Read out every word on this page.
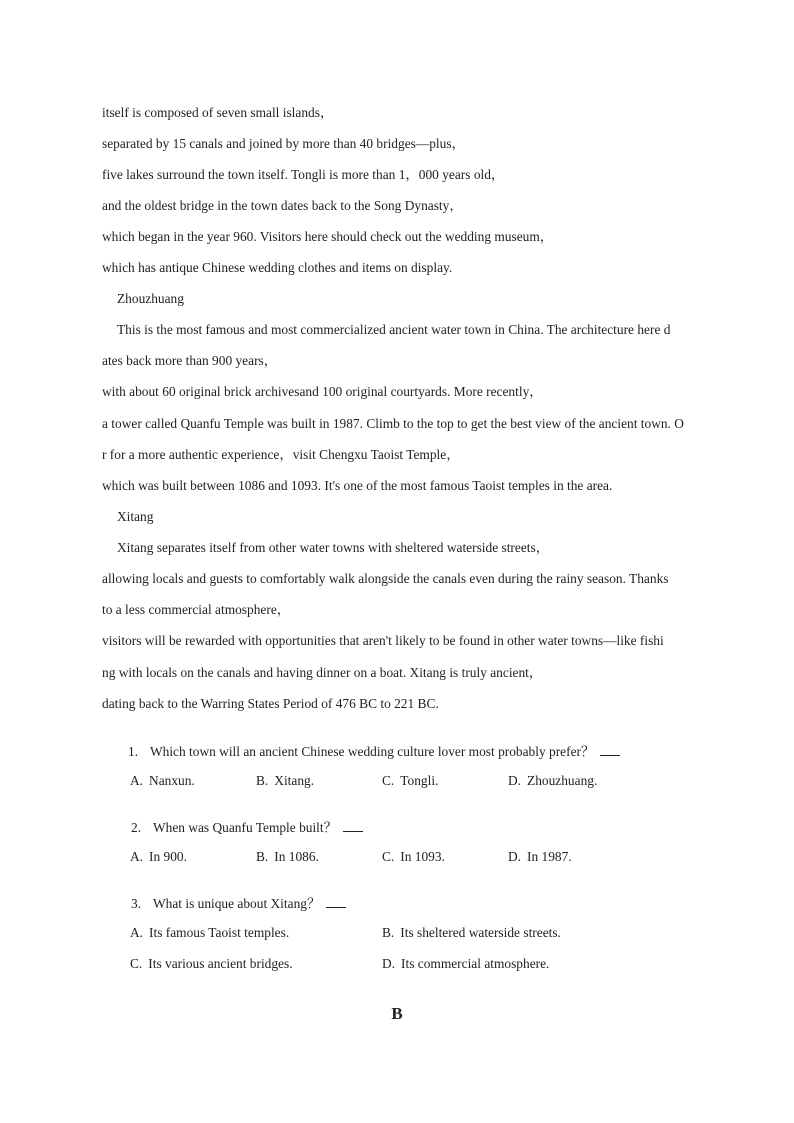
itself is composed of seven small islands，
separated by 15 canals and joined by more than 40 bridges—plus，
five lakes surround the town itself. Tongli is more than 1，000 years old，
and the oldest bridge in the town dates back to the Song Dynasty，
which began in the year 960. Visitors here should check out the wedding museum，
which has antique Chinese wedding clothes and items on display.
Zhouzhuang
This is the most famous and most commercialized ancient water town in China. The architecture here d
ates back more than 900 years，
with about 60 original brick archivesand 100 original courtyards. More recently，
a tower called Quanfu Temple was built in 1987. Climb to the top to get the best view of the ancient town. O
r for a more authentic experience，visit Chengxu Taoist Temple，
which was built between 1086 and 1093. It's one of the most famous Taoist temples in the area.
Xitang
Xitang separates itself from other water towns with sheltered waterside streets，
allowing locals and guests to comfortably walk alongside the canals even during the rainy season. Thanks
to a less commercial atmosphere，
visitors will be rewarded with opportunities that aren't likely to be found in other water towns—like fishi
ng with locals on the canals and having dinner on a boat. Xitang is truly ancient，
dating back to the Warring States Period of 476 BC to 221 BC.
1. Which town will an ancient Chinese wedding culture lover most probably prefer？
A. Nanxun.	B. Xitang.	C. Tongli.	D. Zhouzhuang.
2. When was Quanfu Temple built？
A. In 900.	B. In 1086.	C. In 1093.	D. In 1987.
3. What is unique about Xitang？
A. Its famous Taoist temples.	B. Its sheltered waterside streets.
C. Its various ancient bridges.	D. Its commercial atmosphere.
B
